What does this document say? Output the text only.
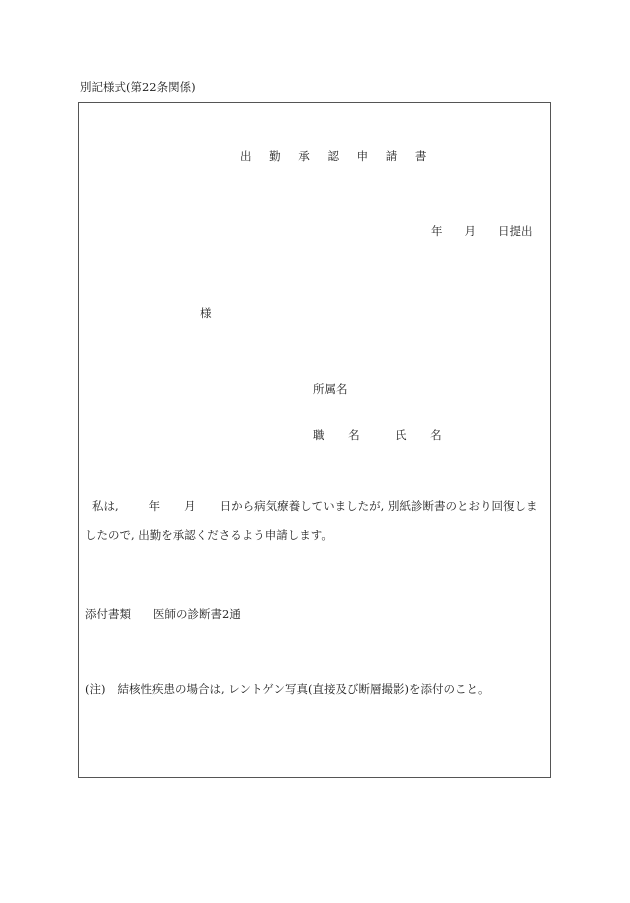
別記様式(第22条関係)
出 勤 承 認 申 請 書
年 月 日提出
様
所属名
職 名 氏 名
私は,	年 月 日から病気療養していましたが, 別紙診断書のとおり回復しま
したので, 出勤を承認くださるよう申請します。
添付書類 医師の診断書2通
(注) 結核性疾患の場合は, レントゲン写真(直接及び断層撮影)を添付のこと。
